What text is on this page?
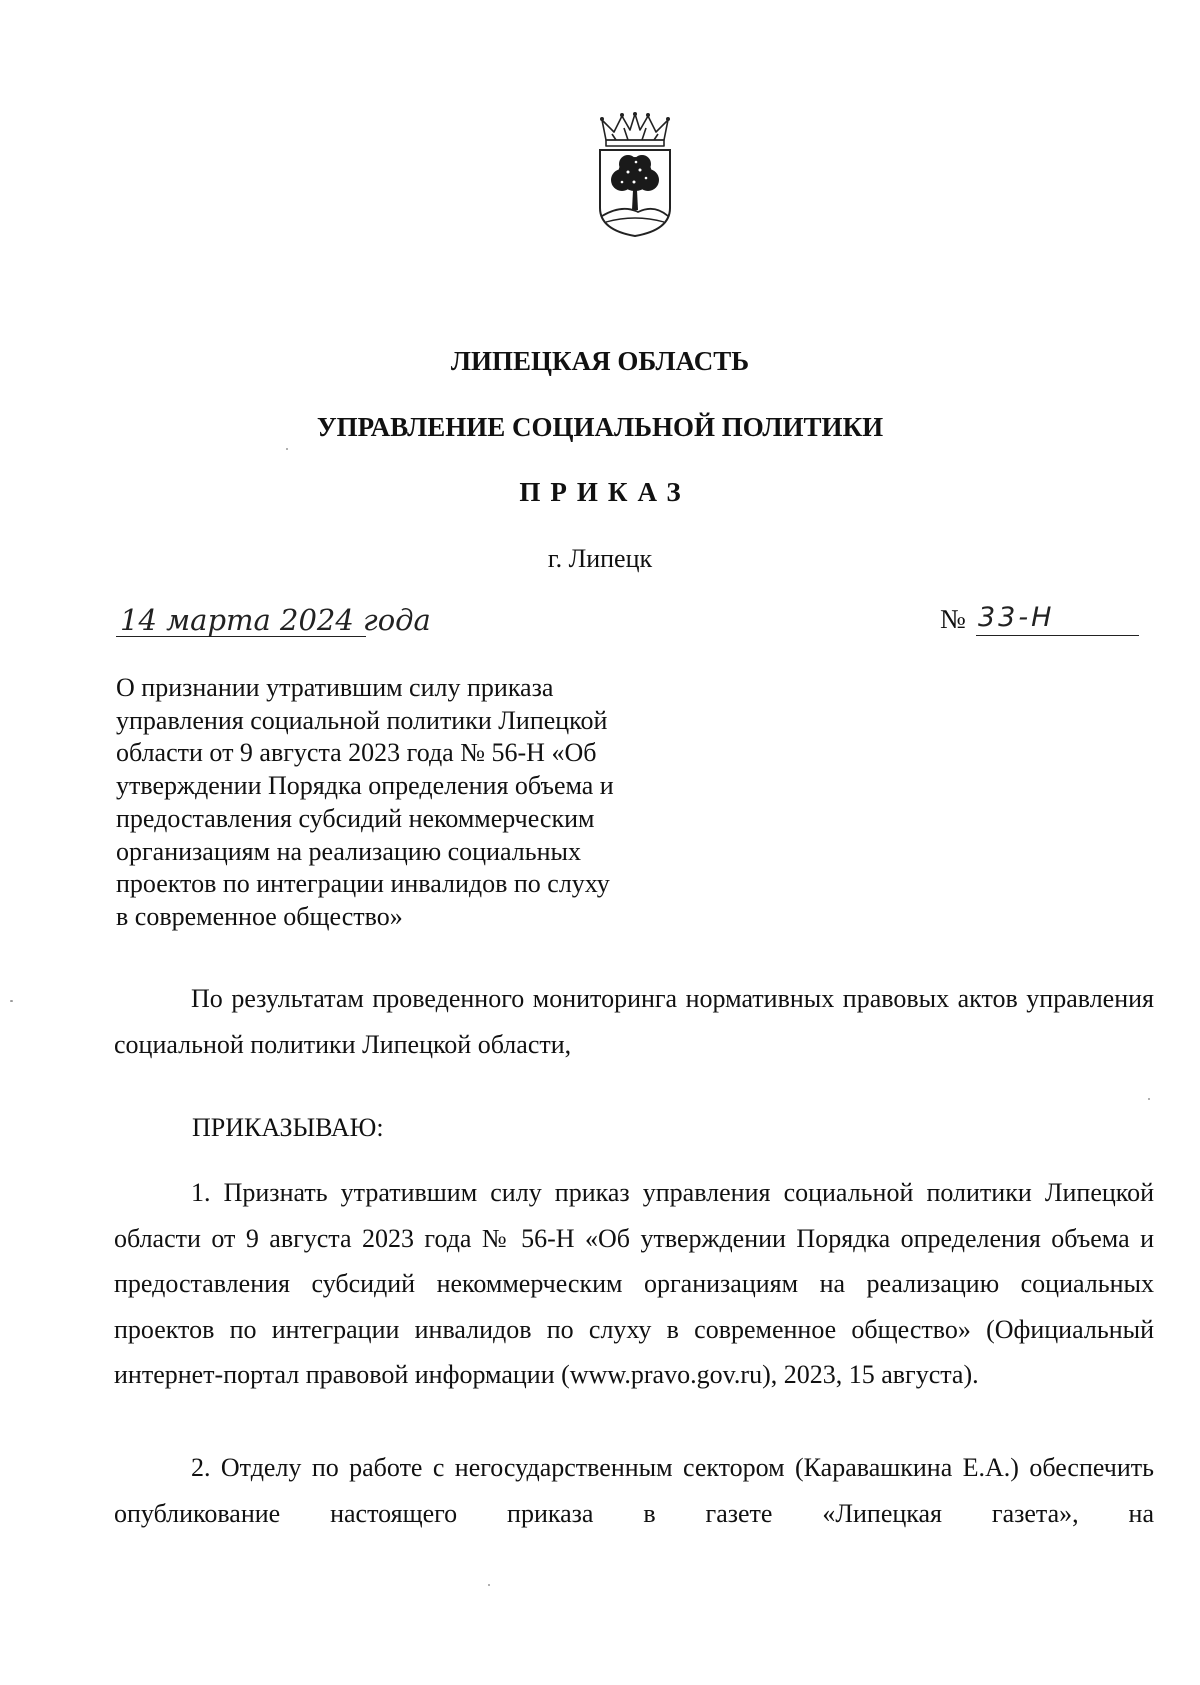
ЛИПЕЦКАЯ ОБЛАСТЬ
УПРАВЛЕНИЕ СОЦИАЛЬНОЙ ПОЛИТИКИ
ПРИКАЗ
г. Липецк
14 марта 2024 года	№ 33-Н
О признании утратившим силу приказа
управления социальной политики Липецкой
области от 9 августа 2023 года № 56-Н «Об
утверждении Порядка определения объема и
предоставления субсидий некоммерческим
организациям на реализацию социальных
проектов по интеграции инвалидов по слуху
в современное общество»
По результатам проведенного мониторинга нормативных правовых актов управления социальной политики Липецкой области,
ПРИКАЗЫВАЮ:
1. Признать утратившим силу приказ управления социальной политики Липецкой области от 9 августа 2023 года № 56-Н «Об утверждении Порядка определения объема и предоставления субсидий некоммерческим организациям на реализацию социальных проектов по интеграции инвалидов по слуху в современное общество» (Официальный интернет-портал правовой информации (www.pravo.gov.ru), 2023, 15 августа).
2. Отделу по работе с негосударственным сектором (Каравашкина Е.А.) обеспечить опубликование настоящего приказа в газете «Липецкая газета», на
